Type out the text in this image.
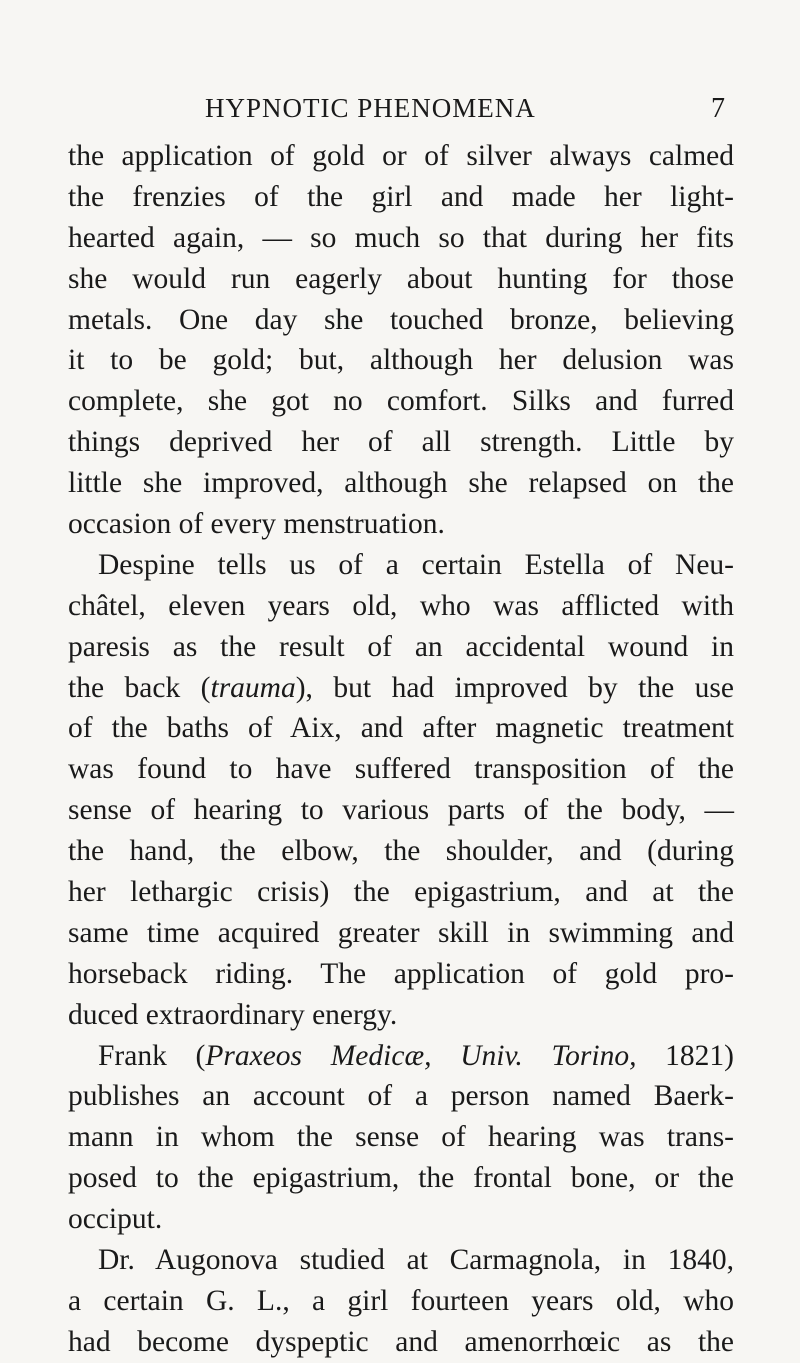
HYPNOTIC PHENOMENA	7
the application of gold or of silver always calmed
the frenzies of the girl and made her light-
hearted again, — so much so that during her fits
she would run eagerly about hunting for those
metals. One day she touched bronze, believing
it to be gold; but, although her delusion was
complete, she got no comfort. Silks and furred
things deprived her of all strength. Little by
little she improved, although she relapsed on the
occasion of every menstruation.
Despine tells us of a certain Estella of Neu-
châtel, eleven years old, who was afflicted with
paresis as the result of an accidental wound in
the back (trauma), but had improved by the use
of the baths of Aix, and after magnetic treatment
was found to have suffered transposition of the
sense of hearing to various parts of the body, —
the hand, the elbow, the shoulder, and (during
her lethargic crisis) the epigastrium, and at the
same time acquired greater skill in swimming and
horseback riding. The application of gold pro-
duced extraordinary energy.
Frank (Praxeos Medicæ, Univ. Torino, 1821)
publishes an account of a person named Baerk-
mann in whom the sense of hearing was trans-
posed to the epigastrium, the frontal bone, or the
occiput.
Dr. Augonova studied at Carmagnola, in 1840,
a certain G. L., a girl fourteen years old, who
had become dyspeptic and amenorrhœic as the
